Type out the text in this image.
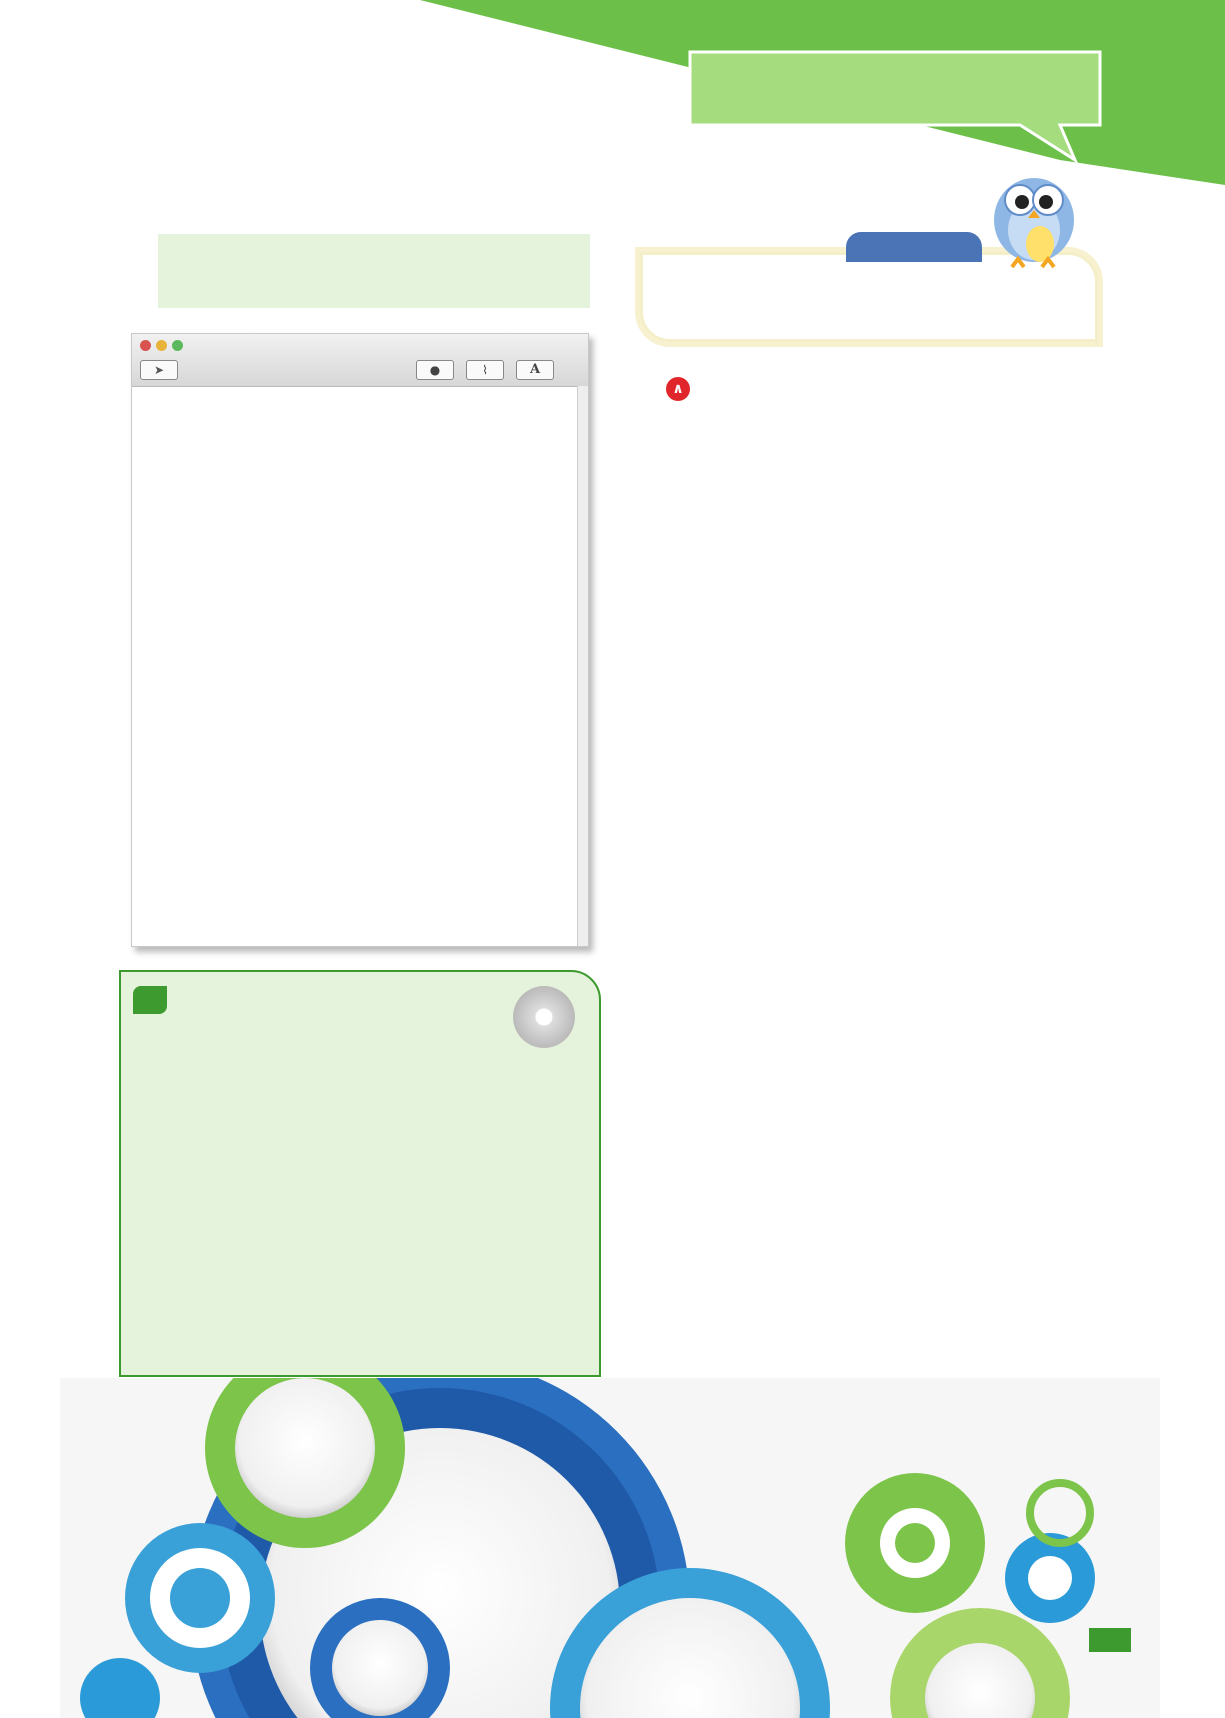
➤	●	⌇	A
∧
